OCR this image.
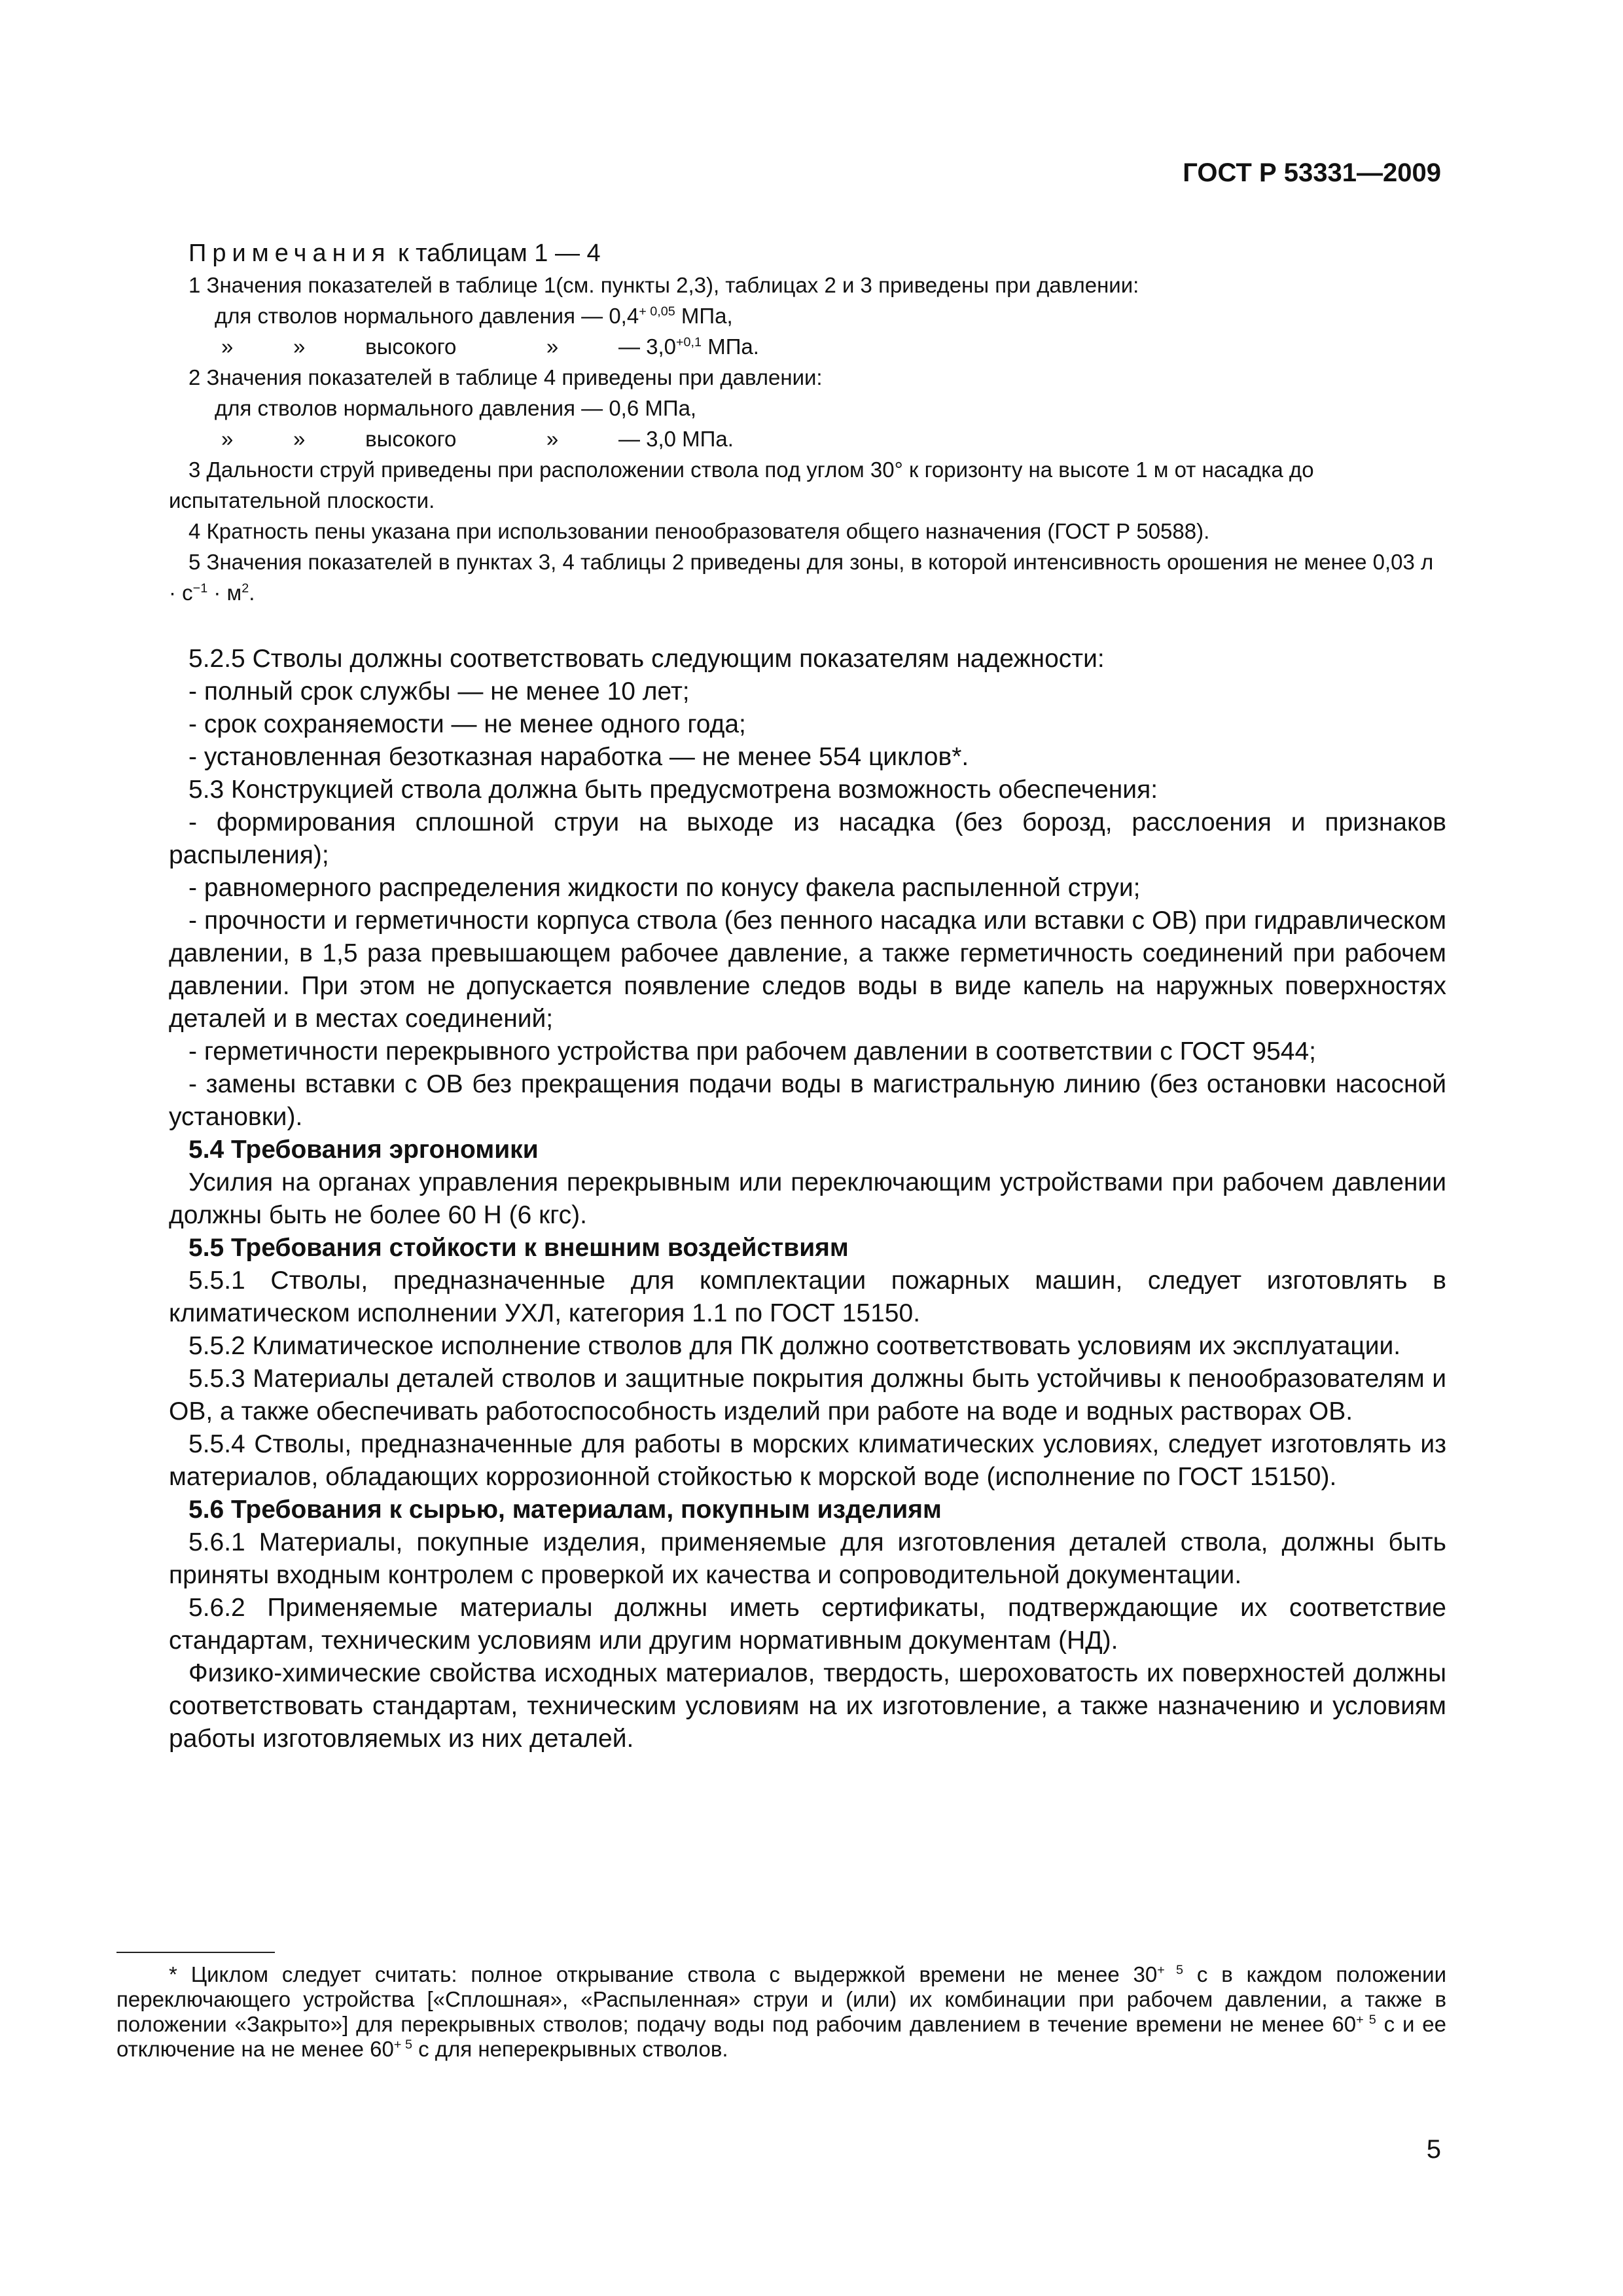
ГОСТ Р 53331—2009
Примечания к таблицам 1 — 4
1 Значения показателей в таблице 1(см. пункты 2,3), таблицах 2 и 3 приведены при давлении:
для стволов нормального давления — $0,4^{+ 0,05}$ МПа,
»          »          высокого               »          — $3,0^{+0,1}$ МПа.
2 Значения показателей в таблице 4 приведены при давлении:
для стволов нормального давления — 0,6 МПа,
»          »          высокого               »          — 3,0 МПа.
3 Дальности струй приведены при расположении ствола под углом 30° к горизонту на высоте 1 м от насадка до испытательной плоскости.
4 Кратность пены указана при использовании пенообразователя общего назначения (ГОСТ Р 50588).
5 Значения показателей в пунктах 3, 4 таблицы 2 приведены для зоны, в которой интенсивность орошения не менее 0,03 $л \cdot с^{-1} \cdot м^2$.

5.2.5 Стволы должны соответствовать следующим показателям надежности:

- полный срок службы — не менее 10 лет;

- срок сохраняемости — не менее одного года;

- установленная безотказная наработка — не менее 554 циклов*.

5.3 Конструкцией ствола должна быть предусмотрена возможность обеспечения:

- формирования сплошной струи на выходе из насадка (без борозд, расслоения и признаков распыления);

- равномерного распределения жидкости по конусу факела распыленной струи;

- прочности и герметичности корпуса ствола (без пенного насадка или вставки с ОВ) при гидравлическом давлении, в 1,5 раза превышающем рабочее давление, а также герметичность соединений при рабочем давлении. При этом не допускается появление следов воды в виде капель на наружных поверхностях деталей и в местах соединений;

- герметичности перекрывного устройства при рабочем давлении в соответствии с ГОСТ 9544;

- замены вставки с ОВ без прекращения подачи воды в магистральную линию (без остановки насосной установки).

5.4 Требования эргономики

Усилия на органах управления перекрывным или переключающим устройствами при рабочем давлении должны быть не более 60 Н (6 кгс).

5.5 Требования стойкости к внешним воздействиям

5.5.1 Стволы, предназначенные для комплектации пожарных машин, следует изготовлять в климатическом исполнении УХЛ, категория 1.1 по ГОСТ 15150.

5.5.2 Климатическое исполнение стволов для ПК должно соответствовать условиям их эксплуатации.

5.5.3 Материалы деталей стволов и защитные покрытия должны быть устойчивы к пенообразователям и ОВ, а также обеспечивать работоспособность изделий при работе на воде и водных растворах ОВ.

5.5.4 Стволы, предназначенные для работы в морских климатических условиях, следует изготовлять из материалов, обладающих коррозионной стойкостью к морской воде (исполнение по ГОСТ 15150).

5.6 Требования к сырью, материалам, покупным изделиям

5.6.1 Материалы, покупные изделия, применяемые для изготовления деталей ствола, должны быть приняты входным контролем с проверкой их качества и сопроводительной документации.

5.6.2 Применяемые материалы должны иметь сертификаты, подтверждающие их соответствие стандартам, техническим условиям или другим нормативным документам (НД).

Физико-химические свойства исходных материалов, твердость, шероховатость их поверхностей должны соответствовать стандартам, техническим условиям на их изготовление, а также назначению и условиям работы изготовляемых из них деталей.

* Циклом следует считать: полное открывание ствола с выдержкой времени не менее $30^{+ 5}$ с в каждом положении переключающего устройства [«Сплошная», «Распыленная» струи и (или) их комбинации при рабочем давлении, а также в положении «Закрыто»] для перекрывных стволов; подачу воды под рабочим давлением в течение времени не менее $60^{+ 5}$ с и ее отключение на не менее $60^{+ 5}$ с для неперекрывных стволов.

5
